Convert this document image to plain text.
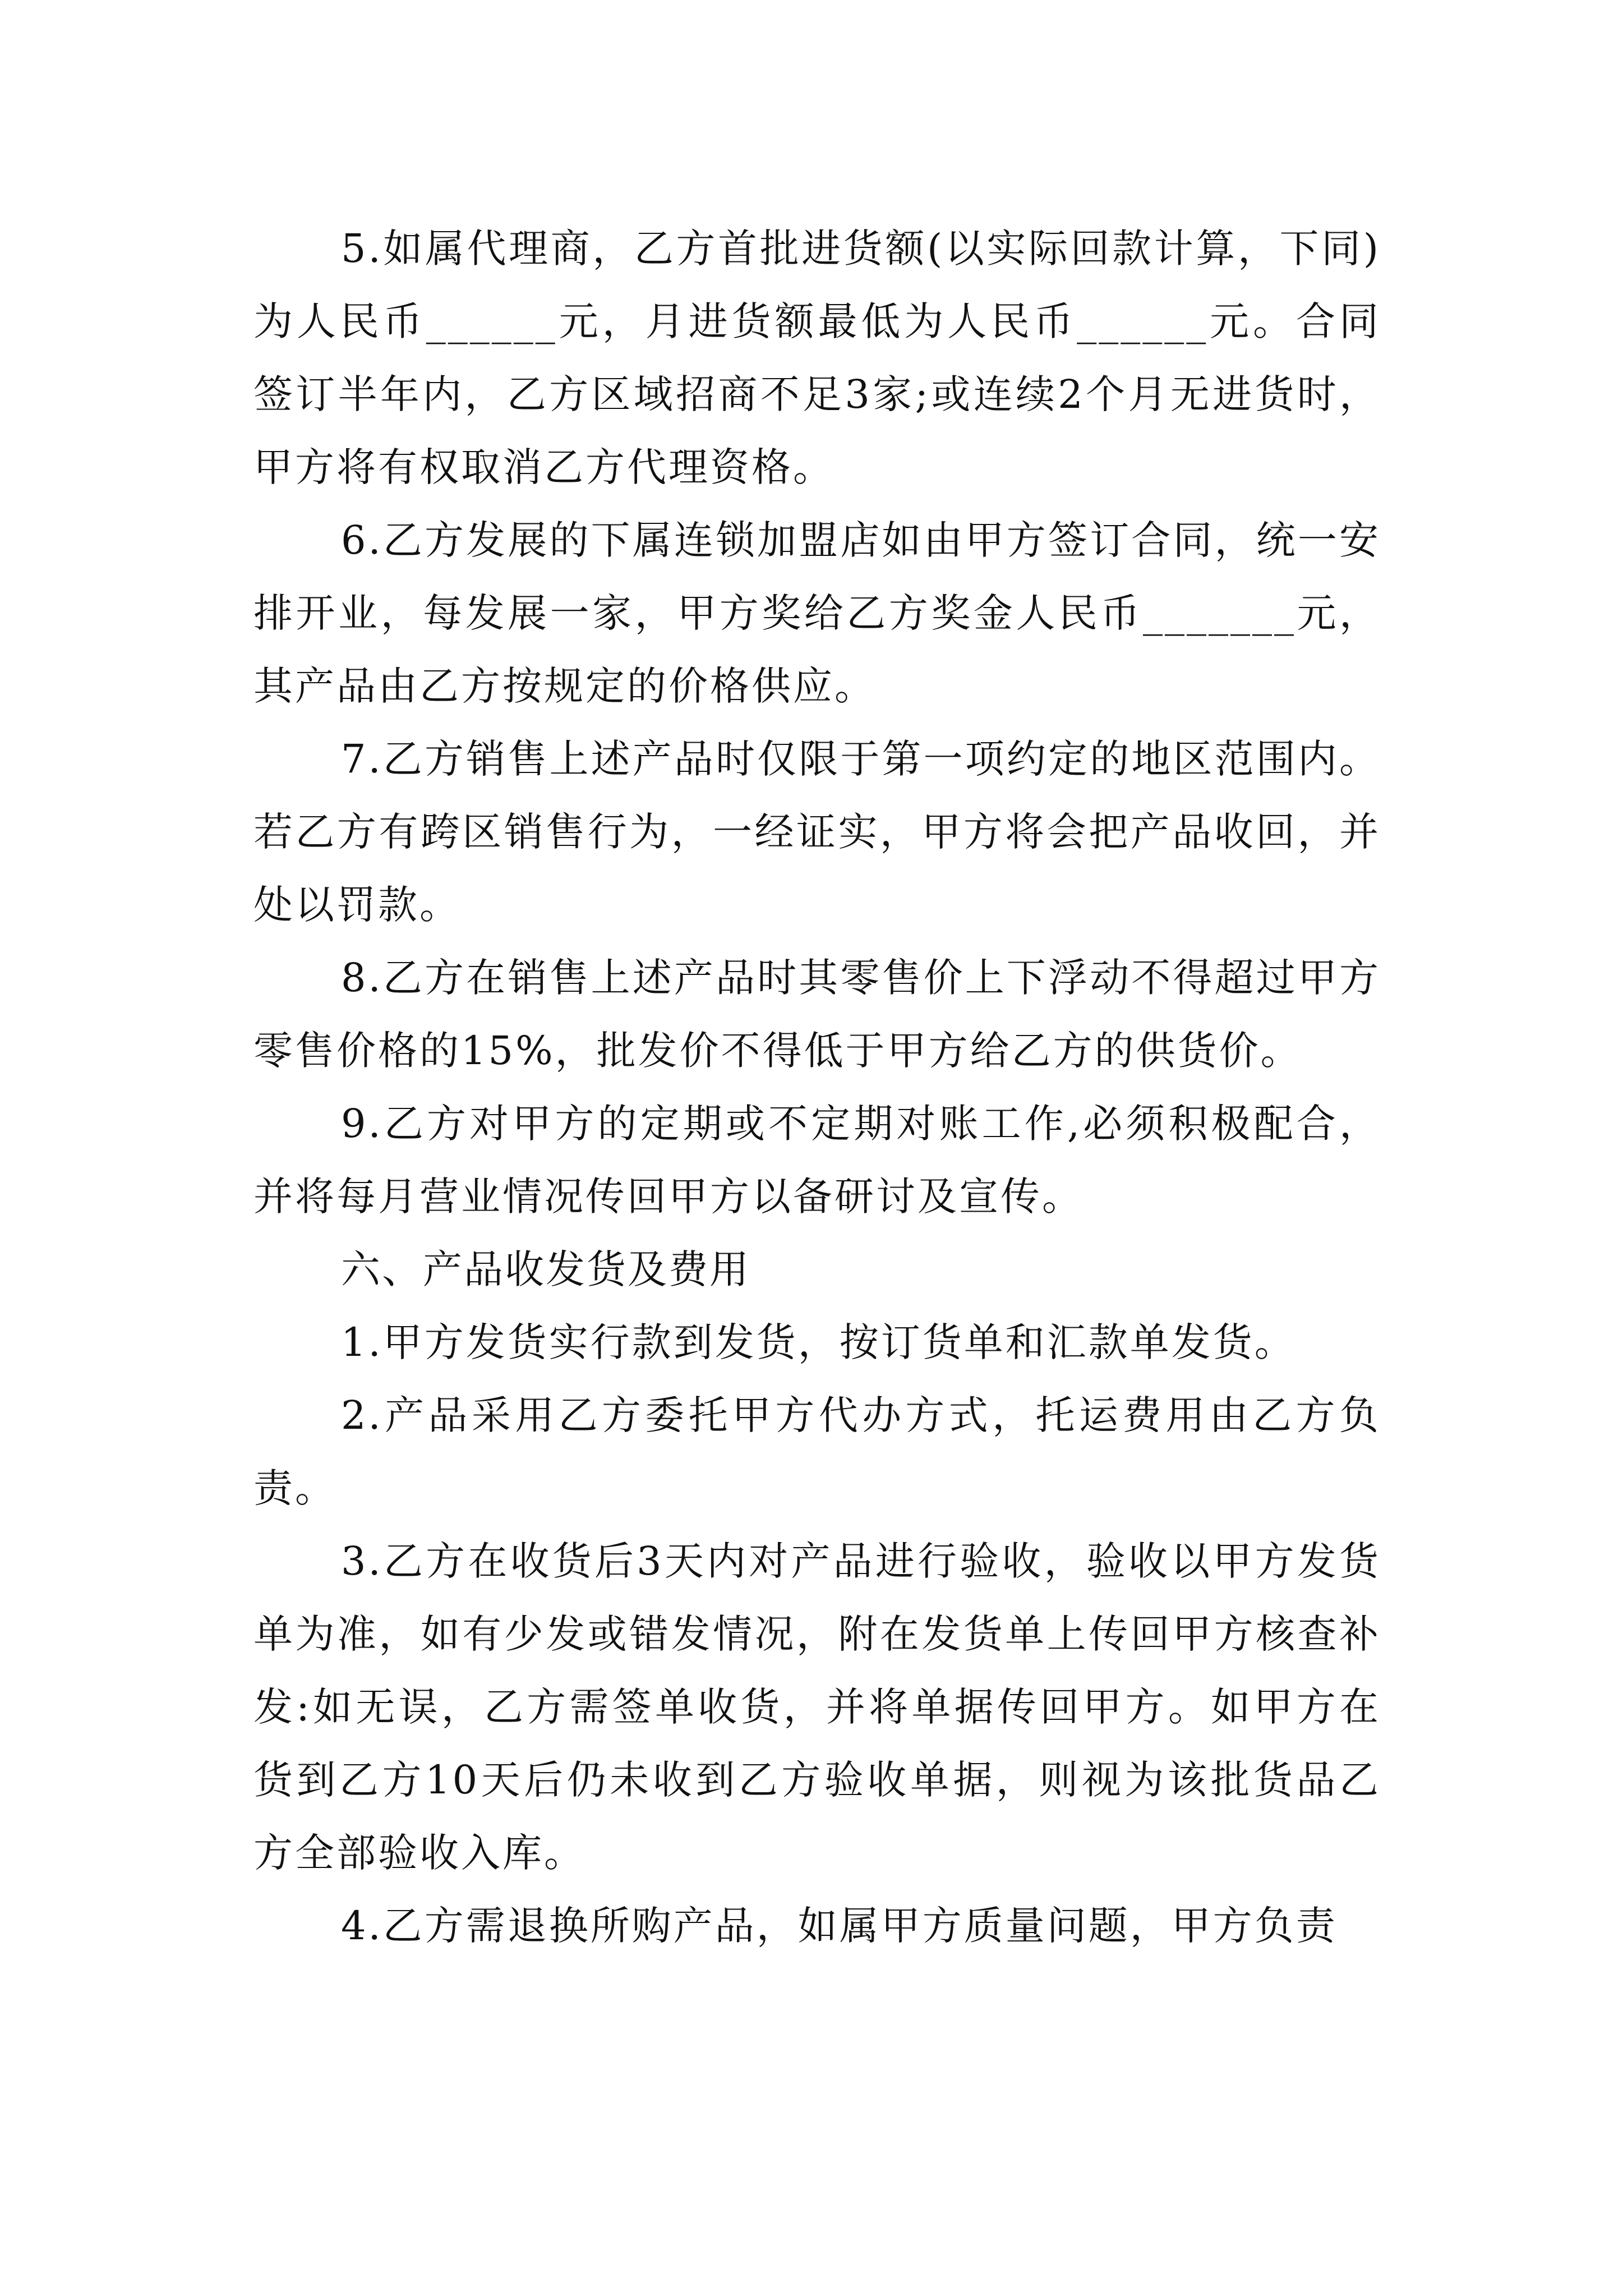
5.如属代理商，乙方首批进货额(以实际回款计算，下同)为人民币______元，月进货额最低为人民币______元。合同签订半年内，乙方区域招商不足3家;或连续2个月无进货时，甲方将有权取消乙方代理资格。

6.乙方发展的下属连锁加盟店如由甲方签订合同，统一安排开业，每发展一家，甲方奖给乙方奖金人民币_______元，其产品由乙方按规定的价格供应。

7.乙方销售上述产品时仅限于第一项约定的地区范围内。若乙方有跨区销售行为，一经证实，甲方将会把产品收回，并处以罚款。

8.乙方在销售上述产品时其零售价上下浮动不得超过甲方零售价格的15%，批发价不得低于甲方给乙方的供货价。

9.乙方对甲方的定期或不定期对账工作,必须积极配合，并将每月营业情况传回甲方以备研讨及宣传。

六、产品收发货及费用

1.甲方发货实行款到发货，按订货单和汇款单发货。

2.产品采用乙方委托甲方代办方式，托运费用由乙方负责。

3.乙方在收货后3天内对产品进行验收，验收以甲方发货单为准，如有少发或错发情况，附在发货单上传回甲方核查补发:如无误，乙方需签单收货，并将单据传回甲方。如甲方在货到乙方10天后仍未收到乙方验收单据，则视为该批货品乙方全部验收入库。

4.乙方需退换所购产品，如属甲方质量问题，甲方负责
